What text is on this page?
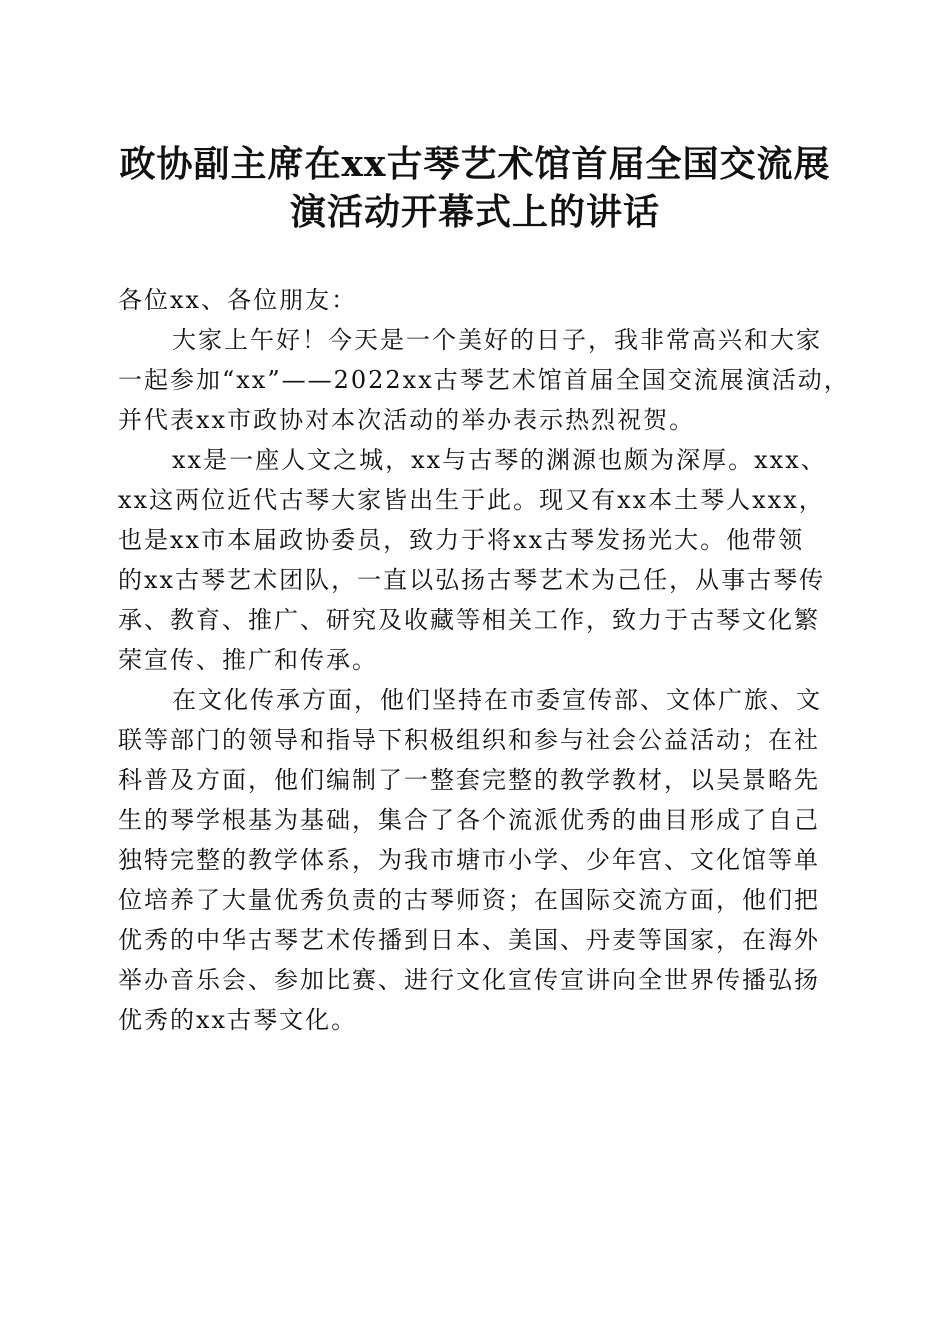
政协副主席在xx古琴艺术馆首届全国交流展
演活动开幕式上的讲话
各位xx、各位朋友：
大家上午好！今天是一个美好的日子，我非常高兴和大家
一起参加“xx”——2022xx古琴艺术馆首届全国交流展演活动，
并代表xx市政协对本次活动的举办表示热烈祝贺。
xx是一座人文之城，xx与古琴的渊源也颇为深厚。xxx、
xx这两位近代古琴大家皆出生于此。现又有xx本土琴人xxx，
也是xx市本届政协委员，致力于将xx古琴发扬光大。他带领
的xx古琴艺术团队，一直以弘扬古琴艺术为己任，从事古琴传
承、教育、推广、研究及收藏等相关工作，致力于古琴文化繁
荣宣传、推广和传承。
在文化传承方面，他们坚持在市委宣传部、文体广旅、文
联等部门的领导和指导下积极组织和参与社会公益活动；在社
科普及方面，他们编制了一整套完整的教学教材，以吴景略先
生的琴学根基为基础，集合了各个流派优秀的曲目形成了自己
独特完整的教学体系，为我市塘市小学、少年宫、文化馆等单
位培养了大量优秀负责的古琴师资；在国际交流方面，他们把
优秀的中华古琴艺术传播到日本、美国、丹麦等国家，在海外
举办音乐会、参加比赛、进行文化宣传宣讲向全世界传播弘扬
优秀的xx古琴文化。
